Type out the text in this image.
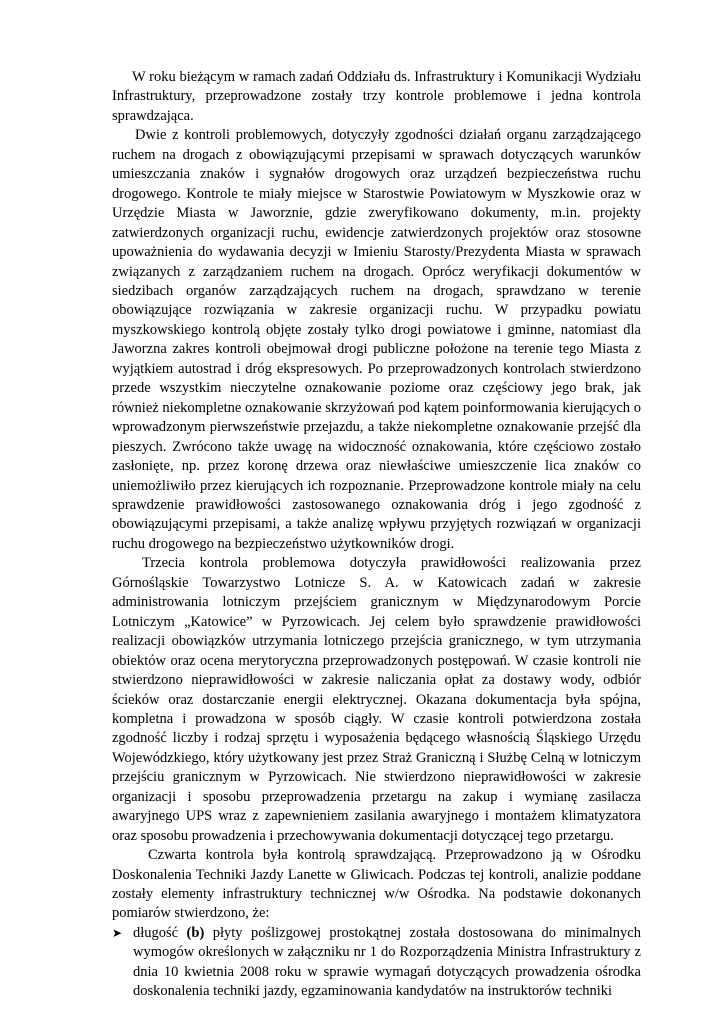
W roku bieżącym w ramach zadań Oddziału ds. Infrastruktury i Komunikacji Wydziału Infrastruktury, przeprowadzone zostały trzy kontrole problemowe i jedna kontrola sprawdzająca.

Dwie z kontroli problemowych, dotyczyły zgodności działań organu zarządzającego ruchem na drogach z obowiązującymi przepisami w sprawach dotyczących warunków umieszczania znaków i sygnałów drogowych oraz urządzeń bezpieczeństwa ruchu drogowego. Kontrole te miały miejsce w Starostwie Powiatowym w Myszkowie oraz w Urzędzie Miasta w Jaworznie, gdzie zweryfikowano dokumenty, m.in. projekty zatwierdzonych organizacji ruchu, ewidencje zatwierdzonych projektów oraz stosowne upoważnienia do wydawania decyzji w Imieniu Starosty/Prezydenta Miasta w sprawach związanych z zarządzaniem ruchem na drogach. Oprócz weryfikacji dokumentów w siedzibach organów zarządzających ruchem na drogach, sprawdzano w terenie obowiązujące rozwiązania w zakresie organizacji ruchu. W przypadku powiatu myszkowskiego kontrolą objęte zostały tylko drogi powiatowe i gminne, natomiast dla Jaworzna zakres kontroli obejmował drogi publiczne położone na terenie tego Miasta z wyjątkiem autostrad i dróg ekspresowych. Po przeprowadzonych kontrolach stwierdzono przede wszystkim nieczytelne oznakowanie poziome oraz częściowy jego brak, jak również niekompletne oznakowanie skrzyżowań pod kątem poinformowania kierujących o wprowadzonym pierwszeństwie przejazdu, a także niekompletne oznakowanie przejść dla pieszych. Zwrócono także uwagę na widoczność oznakowania, które częściowo zostało zasłonięte, np. przez koronę drzewa oraz niewłaściwe umieszczenie lica znaków co uniemożliwiło przez kierujących ich rozpoznanie. Przeprowadzone kontrole miały na celu sprawdzenie prawidłowości zastosowanego oznakowania dróg i jego zgodność z obowiązującymi przepisami, a także analizę wpływu przyjętych rozwiązań w organizacji ruchu drogowego na bezpieczeństwo użytkowników drogi.

Trzecia kontrola problemowa dotyczyła prawidłowości realizowania przez Górnośląskie Towarzystwo Lotnicze S. A. w Katowicach zadań w zakresie administrowania lotniczym przejściem granicznym w Międzynarodowym Porcie Lotniczym „Katowice” w Pyrzowicach. Jej celem było sprawdzenie prawidłowości realizacji obowiązków utrzymania lotniczego przejścia granicznego, w tym utrzymania obiektów oraz ocena merytoryczna przeprowadzonych postępowań. W czasie kontroli nie stwierdzono nieprawidłowości w zakresie naliczania opłat za dostawy wody, odbiór ścieków oraz dostarczanie energii elektrycznej. Okazana dokumentacja była spójna, kompletna i prowadzona w sposób ciągły. W czasie kontroli potwierdzona została zgodność liczby i rodzaj sprzętu i wyposażenia będącego własnością Śląskiego Urzędu Wojewódzkiego, który użytkowany jest przez Straż Graniczną i Służbę Celną w lotniczym przejściu granicznym w Pyrzowicach. Nie stwierdzono nieprawidłowości w zakresie organizacji i sposobu przeprowadzenia przetargu na zakup i wymianę zasilacza awaryjnego UPS wraz z zapewnieniem zasilania awaryjnego i montażem klimatyzatora oraz sposobu prowadzenia i przechowywania dokumentacji dotyczącej tego przetargu.

Czwarta kontrola była kontrolą sprawdzającą. Przeprowadzono ją w Ośrodku Doskonalenia Techniki Jazdy Lanette w Gliwicach. Podczas tej kontroli, analizie poddane zostały elementy infrastruktury technicznej w/w Ośrodka. Na podstawie dokonanych pomiarów stwierdzono, że:

➤ długość (b) płyty poślizgowej prostokątnej została dostosowana do minimalnych wymogów określonych w załączniku nr 1 do Rozporządzenia Ministra Infrastruktury z dnia 10 kwietnia 2008 roku w sprawie wymagań dotyczących prowadzenia ośrodka doskonalenia techniki jazdy, egzaminowania kandydatów na instruktorów techniki
